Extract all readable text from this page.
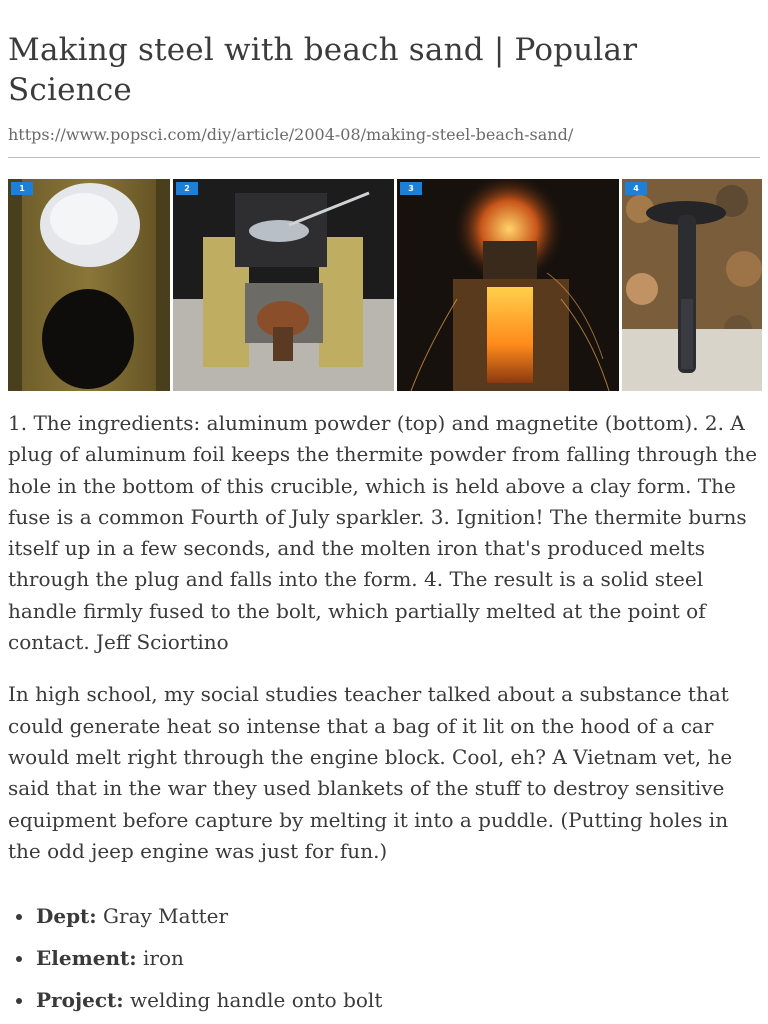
Making steel with beach sand | Popular Science
https://www.popsci.com/diy/article/2004-08/making-steel-beach-sand/
1	2	3	4

1. The ingredients: aluminum powder (top) and magnetite (bottom). 2. A plug of aluminum foil keeps the thermite powder from falling through the hole in the bottom of this crucible, which is held above a clay form. The fuse is a common Fourth of July sparkler. 3. Ignition! The thermite burns itself up in a few seconds, and the molten iron that's produced melts through the plug and falls into the form. 4. The result is a solid steel handle firmly fused to the bolt, which partially melted at the point of contact. Jeff Sciortino

In high school, my social studies teacher talked about a substance that could generate heat so intense that a bag of it lit on the hood of a car would melt right through the engine block. Cool, eh? A Vietnam vet, he said that in the war they used blankets of the stuff to destroy sensitive equipment before capture by melting it into a puddle. (Putting holes in the odd jeep engine was just for fun.)

Dept: Gray Matter
Element: iron
Project: welding handle onto bolt
